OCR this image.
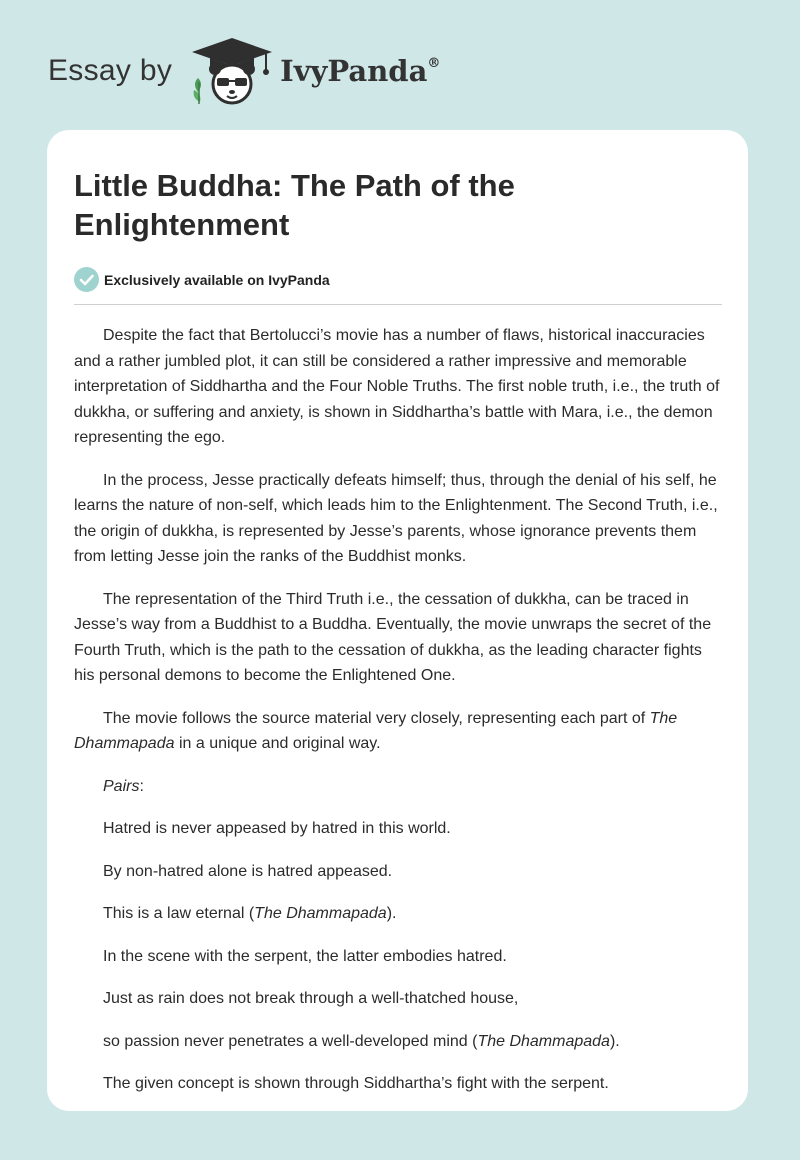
Essay by	IvyPanda®
Little Buddha: The Path of the Enlightenment
Exclusively available on IvyPanda

Despite the fact that Bertolucci’s movie has a number of flaws, historical inaccuracies and a rather jumbled plot, it can still be considered a rather impressive and memorable interpretation of Siddhartha and the Four Noble Truths. The first noble truth, i.e., the truth of dukkha, or suffering and anxiety, is shown in Siddhartha’s battle with Mara, i.e., the demon representing the ego.

In the process, Jesse practically defeats himself; thus, through the denial of his self, he learns the nature of non-self, which leads him to the Enlightenment. The Second Truth, i.e., the origin of dukkha, is represented by Jesse’s parents, whose ignorance prevents them from letting Jesse join the ranks of the Buddhist monks.

The representation of the Third Truth i.e., the cessation of dukkha, can be traced in Jesse’s way from a Buddhist to a Buddha. Eventually, the movie unwraps the secret of the Fourth Truth, which is the path to the cessation of dukkha, as the leading character fights his personal demons to become the Enlightened One.

The movie follows the source material very closely, representing each part of The Dhammapada in a unique and original way.

Pairs:

Hatred is never appeased by hatred in this world.

By non-hatred alone is hatred appeased.

This is a law eternal (The Dhammapada).

In the scene with the serpent, the latter embodies hatred.

Just as rain does not break through a well-thatched house,

so passion never penetrates a well-developed mind (The Dhammapada).

The given concept is shown through Siddhartha’s fight with the serpent.
